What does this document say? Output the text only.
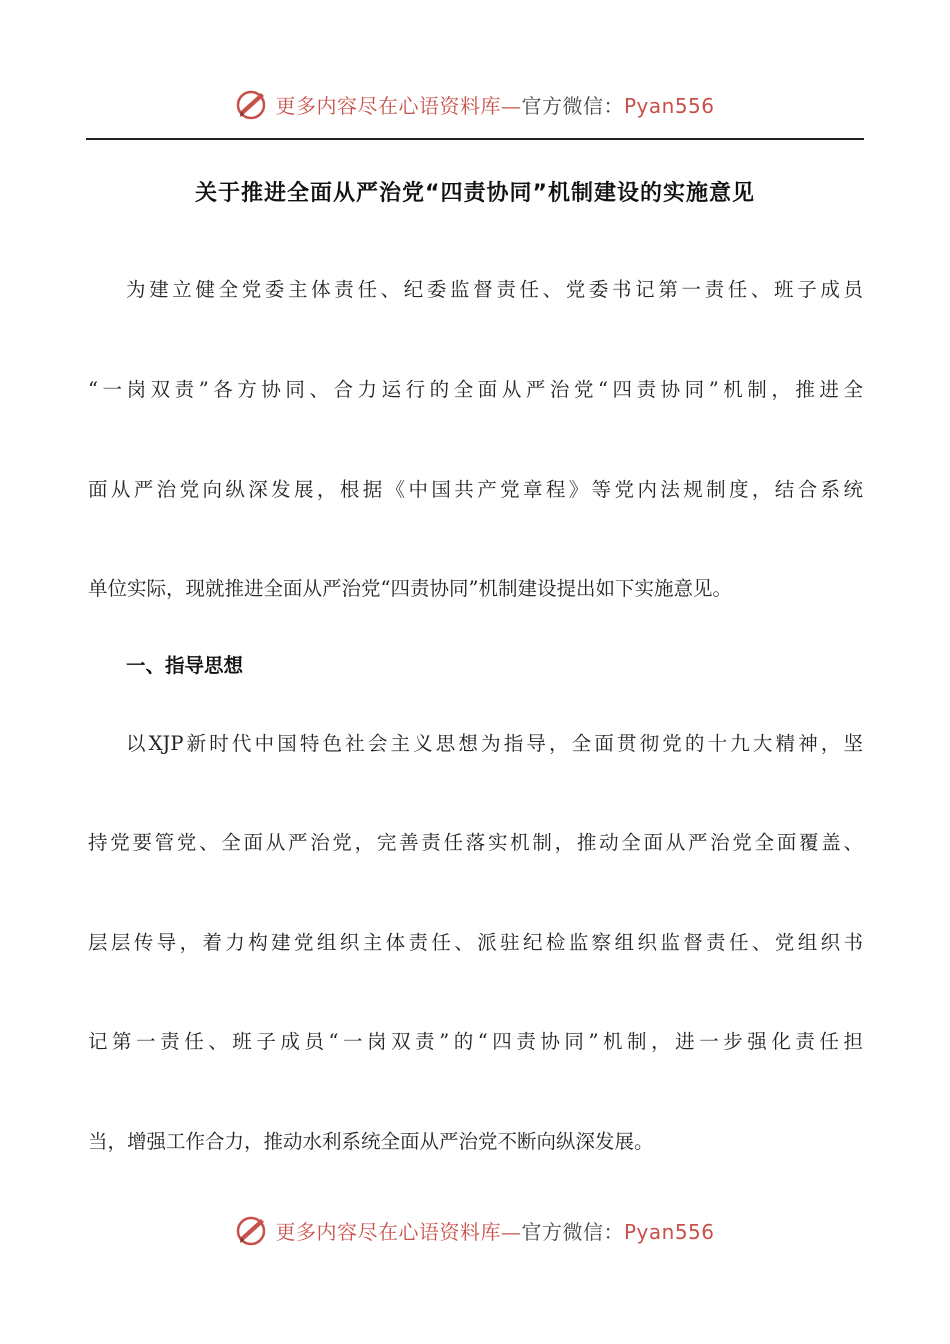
更多内容尽在心语资料库—官方微信：Pyan556
关于推进全面从严治党“四责协同”机制建设的实施意见
为建立健全党委主体责任、纪委监督责任、党委书记第一责任、班子成员
“一岗双责”各方协同、合力运行的全面从严治党“四责协同”机制，推进全
面从严治党向纵深发展，根据《中国共产党章程》等党内法规制度，结合系统
单位实际，现就推进全面从严治党“四责协同”机制建设提出如下实施意见。
一、指导思想
以XJP新时代中国特色社会主义思想为指导，全面贯彻党的十九大精神，坚
持党要管党、全面从严治党，完善责任落实机制，推动全面从严治党全面覆盖、
层层传导，着力构建党组织主体责任、派驻纪检监察组织监督责任、党组织书
记第一责任、班子成员“一岗双责”的“四责协同”机制，进一步强化责任担
当，增强工作合力，推动水利系统全面从严治党不断向纵深发展。
更多内容尽在心语资料库—官方微信：Pyan556
